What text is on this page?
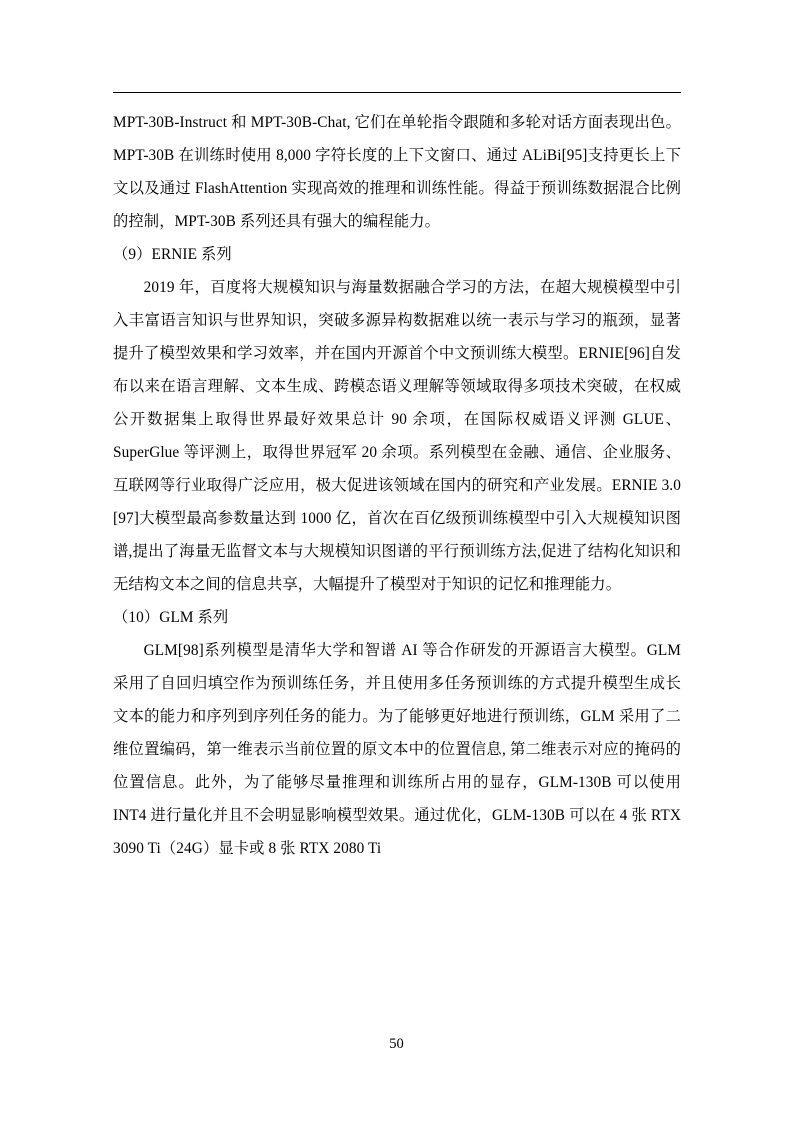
MPT-30B-Instruct 和 MPT-30B-Chat, 它们在单轮指令跟随和多轮对话方面表现出色。MPT-30B 在训练时使用 8,000 字符长度的上下文窗口、通过 ALiBi[95]支持更长上下文以及通过 FlashAttention 实现高效的推理和训练性能。得益于预训练数据混合比例的控制，MPT-30B 系列还具有强大的编程能力。

（9）ERNIE 系列

2019 年，百度将大规模知识与海量数据融合学习的方法，在超大规模模型中引入丰富语言知识与世界知识，突破多源异构数据难以统一表示与学习的瓶颈，显著提升了模型效果和学习效率，并在国内开源首个中文预训练大模型。ERNIE[96]自发布以来在语言理解、文本生成、跨模态语义理解等领域取得多项技术突破，在权威公开数据集上取得世界最好效果总计 90 余项，在国际权威语义评测 GLUE、SuperGlue 等评测上，取得世界冠军 20 余项。系列模型在金融、通信、企业服务、互联网等行业取得广泛应用，极大促进该领域在国内的研究和产业发展。ERNIE 3.0 [97]大模型最高参数量达到 1000 亿，首次在百亿级预训练模型中引入大规模知识图谱,提出了海量无监督文本与大规模知识图谱的平行预训练方法,促进了结构化知识和无结构文本之间的信息共享，大幅提升了模型对于知识的记忆和推理能力。

（10）GLM 系列

GLM[98]系列模型是清华大学和智谱 AI 等合作研发的开源语言大模型。GLM 采用了自回归填空作为预训练任务，并且使用多任务预训练的方式提升模型生成长文本的能力和序列到序列任务的能力。为了能够更好地进行预训练，GLM 采用了二维位置编码，第一维表示当前位置的原文本中的位置信息, 第二维表示对应的掩码的位置信息。此外，为了能够尽量推理和训练所占用的显存，GLM-130B 可以使用 INT4 进行量化并且不会明显影响模型效果。通过优化，GLM-130B 可以在 4 张 RTX 3090 Ti（24G）显卡或 8 张 RTX 2080 Ti

50
